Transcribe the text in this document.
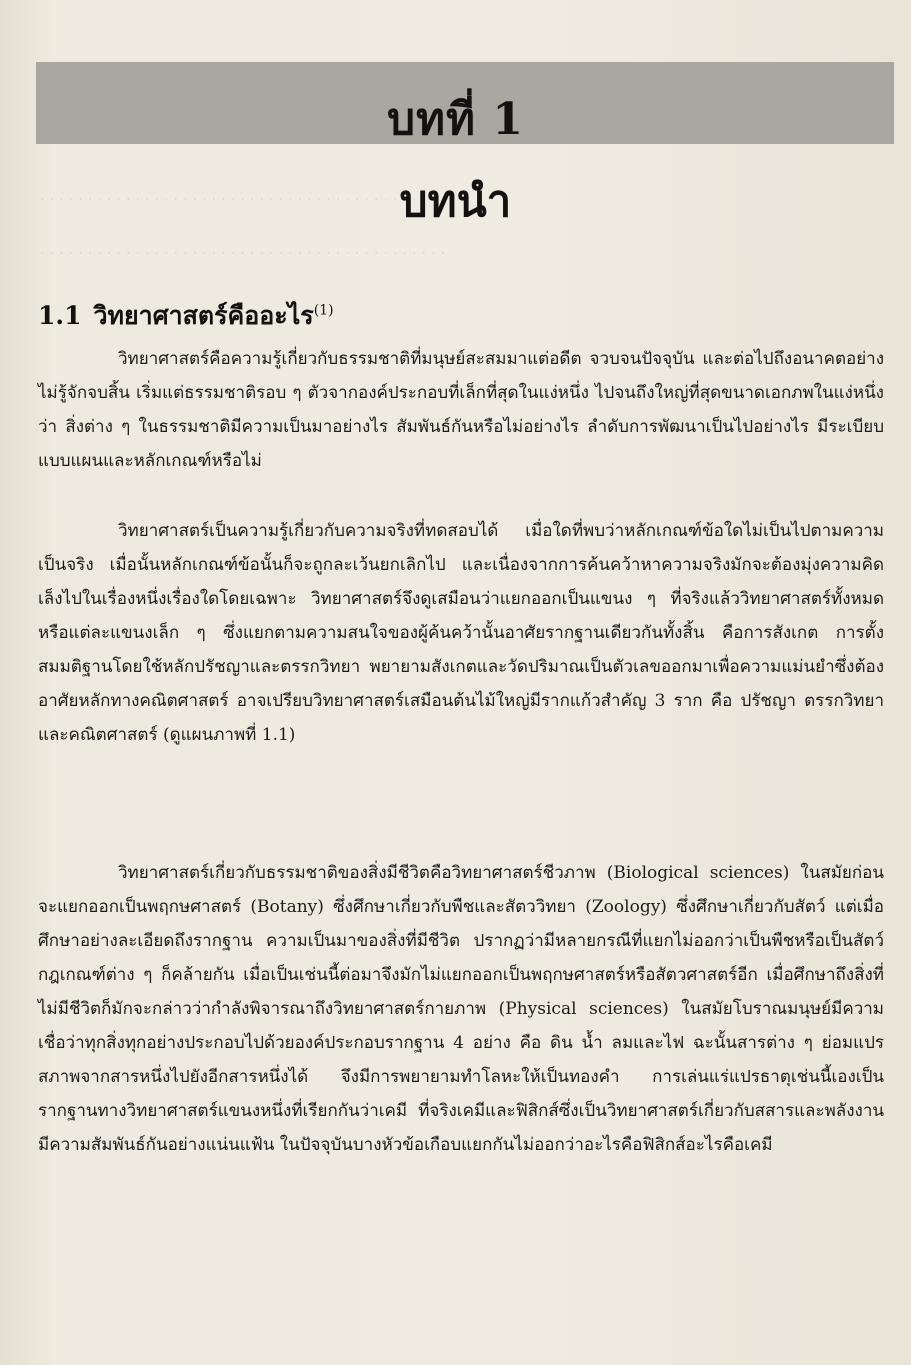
. . . . . . . . . . . . . . . . . . . . . . . . . . . . . . . . . . . . . . . . . . .
. . . . . . . . . . . . . . . . . . . . . . . . . . . . . . . . . . . . . . . . . . .
บทที่ 1
บทนำ
1.1 วิทยาศาสตร์คืออะไร$^{(1)}$

วิทยาศาสตร์คือความรู้เกี่ยวกับธรรมชาติที่มนุษย์สะสมมาแต่อดีต จวบจนปัจจุบัน และต่อไปถึงอนาคตอย่างไม่รู้จักจบสิ้น เริ่มแต่ธรรมชาติรอบ ๆ ตัวจากองค์ประกอบที่เล็กที่สุดในแง่หนึ่ง ไปจนถึงใหญ่ที่สุดขนาดเอกภพในแง่หนึ่งว่า สิ่งต่าง ๆ ในธรรมชาติมีความเป็นมาอย่างไร สัมพันธ์กันหรือไม่อย่างไร ลำดับการพัฒนาเป็นไปอย่างไร มีระเบียบแบบแผนและหลักเกณฑ์หรือไม่

วิทยาศาสตร์เป็นความรู้เกี่ยวกับความจริงที่ทดสอบได้ เมื่อใดที่พบว่าหลักเกณฑ์ข้อใดไม่เป็นไปตามความเป็นจริง เมื่อนั้นหลักเกณฑ์ข้อนั้นก็จะถูกละเว้นยกเลิกไป และเนื่องจากการค้นคว้าหาความจริงมักจะต้องมุ่งความคิดเล็งไปในเรื่องหนึ่งเรื่องใดโดยเฉพาะ วิทยาศาสตร์จึงดูเสมือนว่าแยกออกเป็นแขนง ๆ ที่จริงแล้ววิทยาศาสตร์ทั้งหมดหรือแต่ละแขนงเล็ก ๆ ซึ่งแยกตามความสนใจของผู้ค้นคว้านั้นอาศัยรากฐานเดียวกันทั้งสิ้น คือการสังเกต การตั้งสมมติฐานโดยใช้หลักปรัชญาและตรรกวิทยา พยายามสังเกตและวัดปริมาณเป็นตัวเลขออกมาเพื่อความแม่นยำซึ่งต้องอาศัยหลักทางคณิตศาสตร์ อาจเปรียบวิทยาศาสตร์เสมือนต้นไม้ใหญ่มีรากแก้วสำคัญ 3 ราก คือ ปรัชญา ตรรกวิทยา และคณิตศาสตร์ (ดูแผนภาพที่ 1.1)

วิทยาศาสตร์เกี่ยวกับธรรมชาติของสิ่งมีชีวิตคือวิทยาศาสตร์ชีวภาพ (Biological sciences) ในสมัยก่อนจะแยกออกเป็นพฤกษศาสตร์ (Botany) ซึ่งศึกษาเกี่ยวกับพืชและสัตววิทยา (Zoology) ซึ่งศึกษาเกี่ยวกับสัตว์ แต่เมื่อศึกษาอย่างละเอียดถึงรากฐาน ความเป็นมาของสิ่งที่มีชีวิต ปรากฏว่ามีหลายกรณีที่แยกไม่ออกว่าเป็นพืชหรือเป็นสัตว์ กฎเกณฑ์ต่าง ๆ ก็คล้ายกัน เมื่อเป็นเช่นนี้ต่อมาจึงมักไม่แยกออกเป็นพฤกษศาสตร์หรือสัตวศาสตร์อีก เมื่อศึกษาถึงสิ่งที่ไม่มีชีวิตก็มักจะกล่าวว่ากำลังพิจารณาถึงวิทยาศาสตร์กายภาพ (Physical sciences) ในสมัยโบราณมนุษย์มีความเชื่อว่าทุกสิ่งทุกอย่างประกอบไปด้วยองค์ประกอบรากฐาน 4 อย่าง คือ ดิน น้ำ ลมและไฟ ฉะนั้นสารต่าง ๆ ย่อมแปรสภาพจากสารหนึ่งไปยังอีกสารหนึ่งได้ จึงมีการพยายามทำโลหะให้เป็นทองคำ การเล่นแร่แปรธาตุเช่นนี้เองเป็นรากฐานทางวิทยาศาสตร์แขนงหนึ่งที่เรียกกันว่าเคมี ที่จริงเคมีและฟิสิกส์ซึ่งเป็นวิทยาศาสตร์เกี่ยวกับสสารและพลังงานมีความสัมพันธ์กันอย่างแน่นแฟ้น ในปัจจุบันบางหัวข้อเกือบแยกกันไม่ออกว่าอะไรคือฟิสิกส์อะไรคือเคมี
